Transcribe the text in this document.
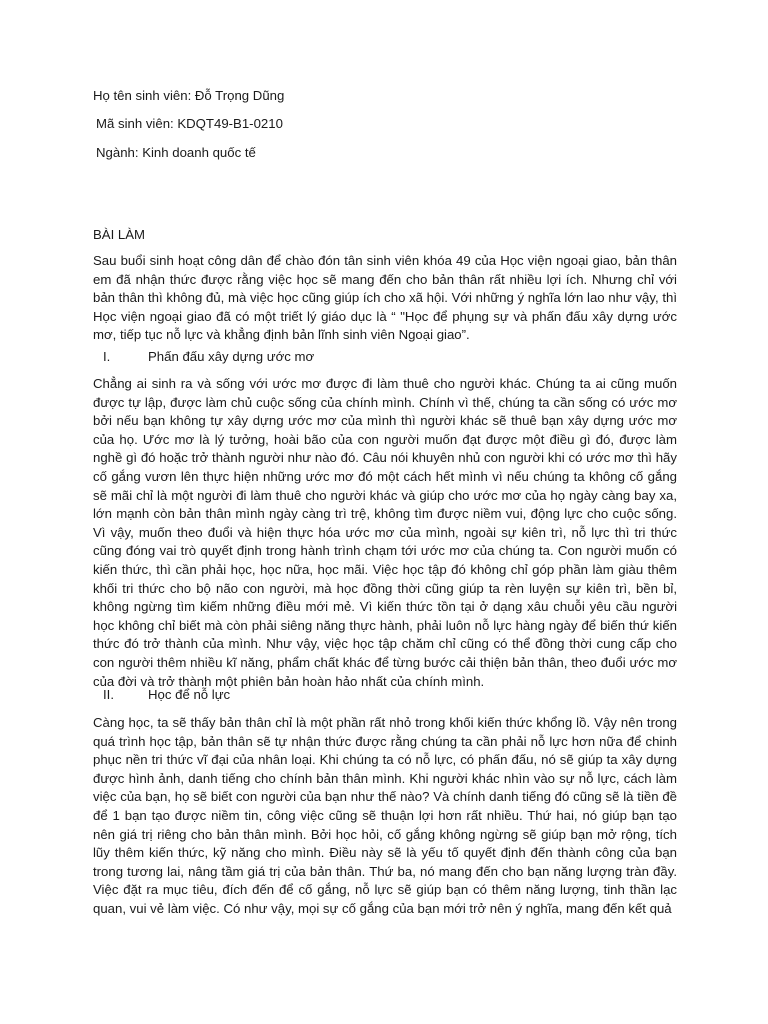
Họ tên sinh viên: Đỗ Trọng Dũng
Mã sinh viên: KDQT49-B1-0210
Ngành: Kinh doanh quốc tế
BÀI LÀM
Sau buổi sinh hoạt công dân để chào đón tân sinh viên khóa 49 của Học viện ngoại giao, bản thân em đã nhận thức được rằng việc học sẽ mang đến cho bản thân rất nhiều lợi ích. Nhưng chỉ với bản thân thì không đủ, mà việc học cũng giúp ích cho xã hội. Với những ý nghĩa lớn lao như vậy, thì Học viện ngoại giao đã có một triết lý giáo dục là “ "Học để phụng sự và phấn đấu xây dựng ước mơ, tiếp tục nỗ lực và khẳng định bản lĩnh sinh viên Ngoại giao”.
I.	Phấn đấu xây dựng ước mơ
Chẳng ai sinh ra và sống với ước mơ được đi làm thuê cho người khác. Chúng ta ai cũng muốn được tự lập, được làm chủ cuộc sống của chính mình. Chính vì thế, chúng ta cần sống có ước mơ bởi nếu bạn không tự xây dựng ước mơ của mình thì người khác sẽ thuê bạn xây dựng ước mơ của họ. Ước mơ là lý tưởng, hoài bão của con người muốn đạt được một điều gì đó, được làm nghề gì đó hoặc trở thành người như nào đó. Câu nói khuyên nhủ con người khi có ước mơ thì hãy cố gắng vươn lên thực hiện những ước mơ đó một cách hết mình vì nếu chúng ta không cố gắng sẽ mãi chỉ là một người đi làm thuê cho người khác và giúp cho ước mơ của họ ngày càng bay xa, lớn mạnh còn bản thân mình ngày càng trì trệ, không tìm được niềm vui, động lực cho cuộc sống. Vì vậy, muốn theo đuổi và hiện thực hóa ước mơ của mình, ngoài sự kiên trì, nỗ lực thì tri thức cũng đóng vai trò quyết định trong hành trình chạm tới ước mơ của chúng ta. Con người muốn có kiến thức, thì cần phải học, học nữa, học mãi. Việc học tập đó không chỉ góp phần làm giàu thêm khối tri thức cho bộ não con người, mà học đồng thời cũng giúp ta rèn luyện sự kiên trì, bền bỉ, không ngừng tìm kiếm những điều mới mẻ. Vì kiến thức tồn tại ở dạng xâu chuỗi yêu cầu người học không chỉ biết mà còn phải siêng năng thực hành, phải luôn nỗ lực hàng ngày để biến thứ kiến thức đó trở thành của mình. Như vậy, việc học tập chăm chỉ cũng có thể đồng thời cung cấp cho con người thêm nhiều kĩ năng, phẩm chất khác để từng bước cải thiện bản thân, theo đuổi ước mơ của đời và trở thành một phiên bản hoàn hảo nhất của chính mình.
II.	Học để nỗ lực
Càng học, ta sẽ thấy bản thân chỉ là một phần rất nhỏ trong khối kiến thức khổng lồ. Vậy nên trong quá trình học tập, bản thân sẽ tự nhận thức được rằng chúng ta cần phải nỗ lực hơn nữa để chinh phục nền tri thức vĩ đại của nhân loại. Khi chúng ta có nỗ lực, có phấn đấu, nó sẽ giúp ta xây dựng được hình ảnh, danh tiếng cho chính bản thân mình. Khi người khác nhìn vào sự nỗ lực, cách làm việc của bạn, họ sẽ biết con người của bạn như thế nào? Và chính danh tiếng đó cũng sẽ là tiền đề để 1 bạn tạo được niềm tin, công việc cũng sẽ thuận lợi hơn rất nhiều. Thứ hai, nó giúp bạn tạo nên giá trị riêng cho bản thân mình. Bởi học hỏi, cố gắng không ngừng sẽ giúp bạn mở rộng, tích lũy thêm kiến thức, kỹ năng cho mình. Điều này sẽ là yếu tố quyết định đến thành công của bạn trong tương lai, nâng tầm giá trị của bản thân. Thứ ba, nó mang đến cho bạn năng lượng tràn đầy. Việc đặt ra mục tiêu, đích đến để cố gắng, nỗ lực sẽ giúp bạn có thêm năng lượng, tinh thần lạc quan, vui vẻ làm việc. Có như vậy, mọi sự cố gắng của bạn mới trở nên ý nghĩa, mang đến kết quả
